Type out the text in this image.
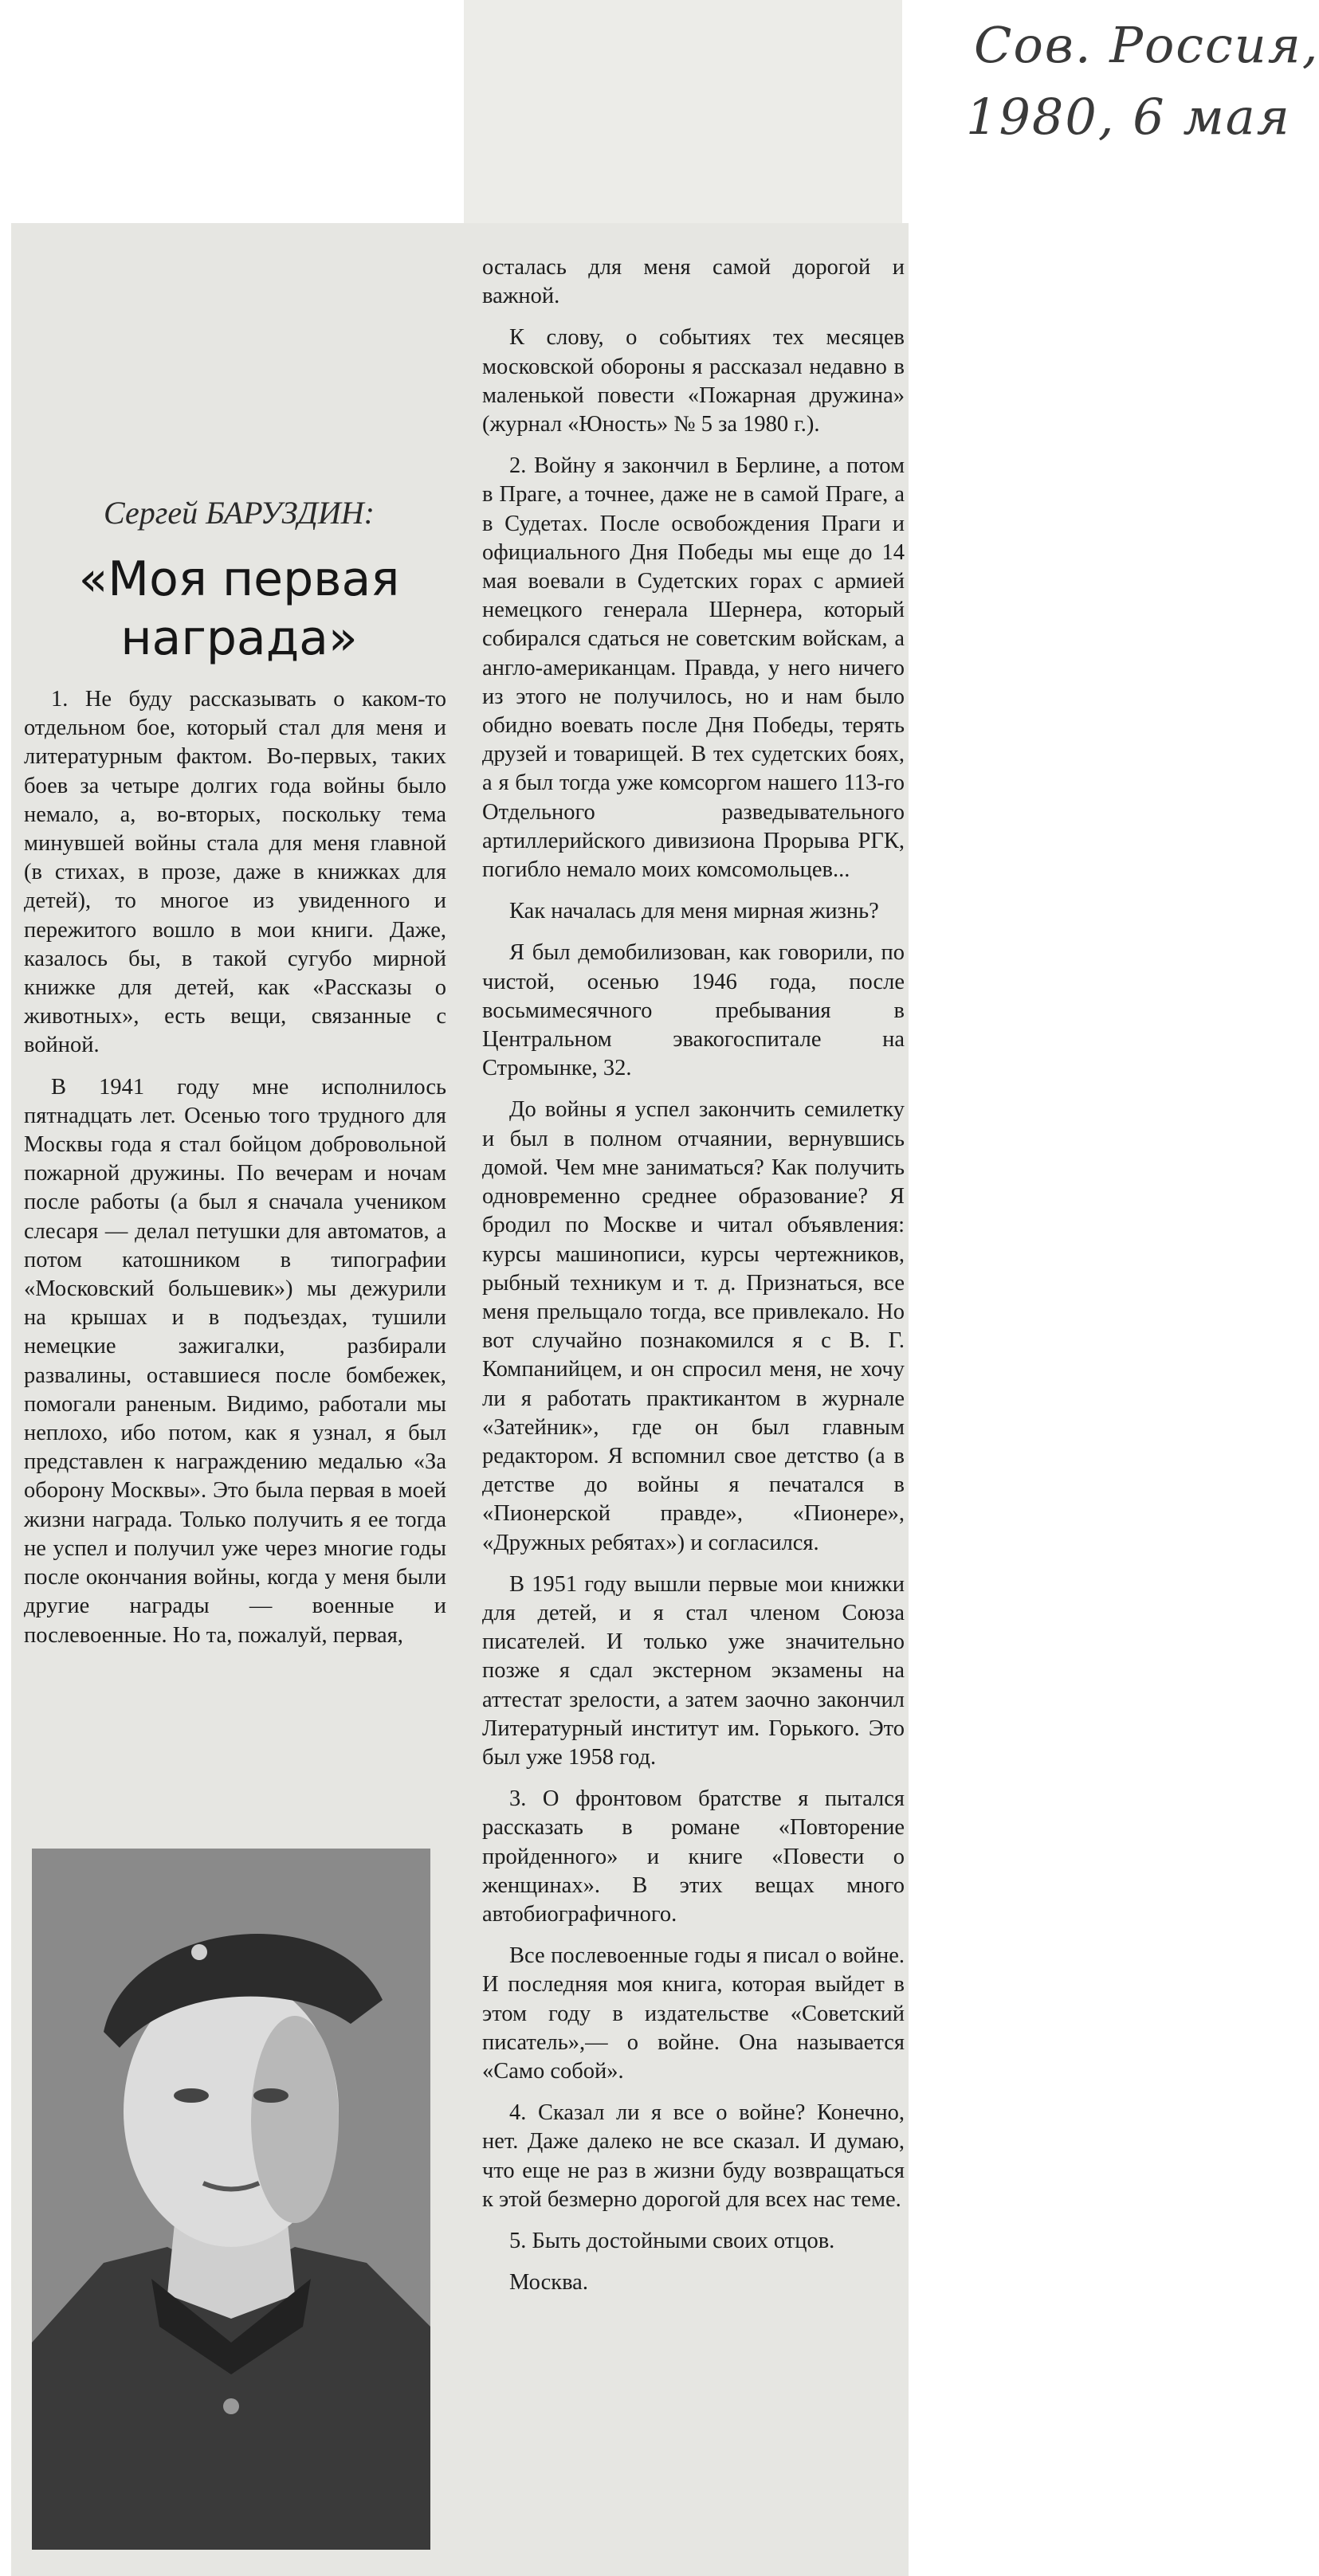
Сов. Россия,
1980, 6 мая
Сергей БАРУЗДИН:
«Моя первая награда»

1. Не буду рассказывать о каком-то отдельном бое, который стал для меня и литературным фактом. Во-первых, таких боев за четыре долгих года войны было немало, а, во-вторых, поскольку тема минувшей войны стала для меня главной (в стихах, в прозе, даже в книжках для детей), то многое из увиденного и пережитого вошло в мои книги. Даже, казалось бы, в такой сугубо мирной книжке для детей, как «Рассказы о животных», есть вещи, связанные с войной.

В 1941 году мне исполнилось пятнадцать лет. Осенью того трудного для Москвы года я стал бойцом добровольной пожарной дружины. По вечерам и ночам после работы (а был я сначала учеником слесаря — делал петушки для автоматов, а потом катошником в типографии «Московский большевик») мы дежурили на крышах и в подъездах, тушили немецкие зажигалки, разбирали развалины, оставшиеся после бомбежек, помогали раненым. Видимо, работали мы неплохо, ибо потом, как я узнал, я был представлен к награждению медалью «За оборону Москвы». Это была первая в моей жизни награда. Только получить я ее тогда не успел и получил уже через многие годы после окончания войны, когда у меня были другие награды — военные и послевоенные. Но та, пожалуй, первая,

осталась для меня самой дорогой и важной.

К слову, о событиях тех месяцев московской обороны я рассказал недавно в маленькой повести «Пожарная дружина» (журнал «Юность» № 5 за 1980 г.).

2. Войну я закончил в Берлине, а потом в Праге, а точнее, даже не в самой Праге, а в Судетах. После освобождения Праги и официального Дня Победы мы еще до 14 мая воевали в Судетских горах с армией немецкого генерала Шернера, который собирался сдаться не советским войскам, а англо-американцам. Правда, у него ничего из этого не получилось, но и нам было обидно воевать после Дня Победы, терять друзей и товарищей. В тех судетских боях, а я был тогда уже комсоргом нашего 113-го Отдельного разведывательного артиллерийского дивизиона Прорыва РГК, погибло немало моих комсомольцев...

Как началась для меня мирная жизнь?

Я был демобилизован, как говорили, по чистой, осенью 1946 года, после восьмимесячного пребывания в Центральном эвакогоспитале на Стромынке, 32.

До войны я успел закончить семилетку и был в полном отчаянии, вернувшись домой. Чем мне заниматься? Как получить одновременно среднее образование? Я бродил по Москве и читал объявления: курсы машинописи, курсы чертежников, рыбный техникум и т. д. Признаться, все меня прельщало тогда, все привлекало. Но вот случайно познакомился я с В. Г. Компанийцем, и он спросил меня, не хочу ли я работать практикантом в журнале «Затейник», где он был главным редактором. Я вспомнил свое детство (а в детстве до войны я печатался в «Пионерской правде», «Пионере», «Дружных ребятах») и согласился.

В 1951 году вышли первые мои книжки для детей, и я стал членом Союза писателей. И только уже значительно позже я сдал экстерном экзамены на аттестат зрелости, а затем заочно закончил Литературный институт им. Горького. Это был уже 1958 год.

3. О фронтовом братстве я пытался рассказать в романе «Повторение пройденного» и книге «Повести о женщинах». В этих вещах много автобиографичного.

Все послевоенные годы я писал о войне. И последняя моя книга, которая выйдет в этом году в издательстве «Советский писатель»,— о войне. Она называется «Само собой».

4. Сказал ли я все о войне? Конечно, нет. Даже далеко не все сказал. И думаю, что еще не раз в жизни буду возвращаться к этой безмерно дорогой для всех нас теме.

5. Быть достойными своих отцов.

Москва.
